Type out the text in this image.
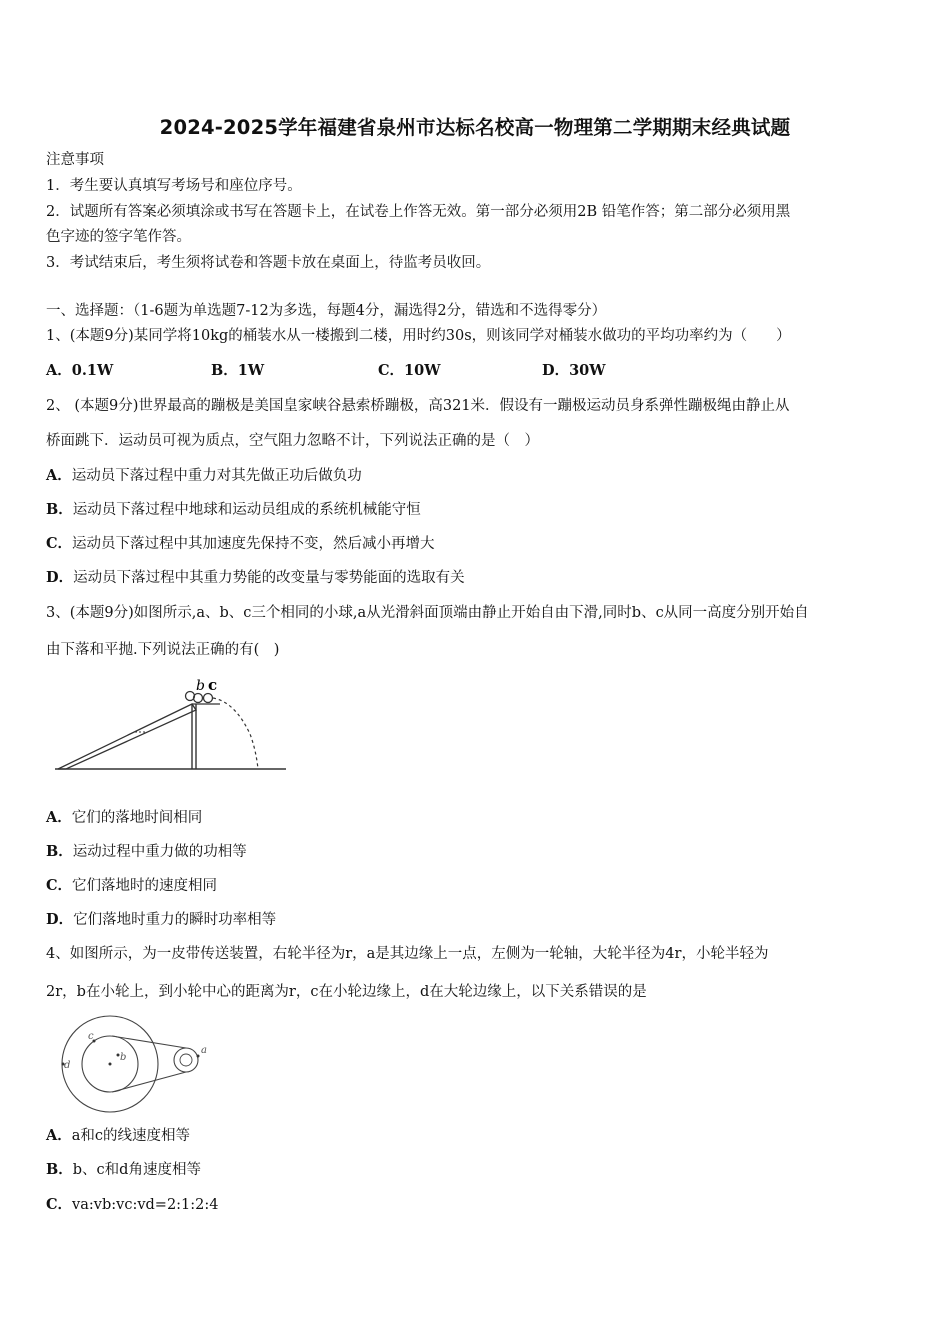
2024-2025学年福建省泉州市达标名校高一物理第二学期期末经典试题
注意事项
1．考生要认真填写考场号和座位序号。
2．试题所有答案必须填涂或书写在答题卡上，在试卷上作答无效。第一部分必须用2B 铅笔作答；第二部分必须用黑
色字迹的签字笔作答。
3．考试结束后，考生须将试卷和答题卡放在桌面上，待监考员收回。
一、选择题：（1-6题为单选题7-12为多选，每题4分，漏选得2分，错选和不选得零分）
1、(本题9分)某同学将10kg的桶装水从一楼搬到二楼，用时约30s，则该同学对桶装水做功的平均功率约为（　　）
A．0.1W	B．1W	C．10W	D．30W
2、 (本题9分)世界最高的蹦极是美国皇家峡谷悬索桥蹦极，高321米．假设有一蹦极运动员身系弹性蹦极绳由静止从
桥面跳下．运动员可视为质点，空气阻力忽略不计，下列说法正确的是（　）
A．运动员下落过程中重力对其先做正功后做负功
B．运动员下落过程中地球和运动员组成的系统机械能守恒
C．运动员下落过程中其加速度先保持不变，然后减小再增大
D．运动员下落过程中其重力势能的改变量与零势能面的选取有关
3、(本题9分)如图所示,a、b、c三个相同的小球,a从光滑斜面顶端由静止开始自由下滑,同时b、c从同一高度分别开始自
由下落和平抛.下列说法正确的有(　)
b c
A．它们的落地时间相同
B．运动过程中重力做的功相等
C．它们落地时的速度相同
D．它们落地时重力的瞬时功率相等
4、如图所示，为一皮带传送装置，右轮半径为r，a是其边缘上一点，左侧为一轮轴，大轮半径为4r，小轮半轻为
2r，b在小轮上，到小轮中心的距离为r，c在小轮边缘上，d在大轮边缘上，以下关系错误的是
c
b
d
a
A．a和c的线速度相等
B．b、c和d角速度相等
C．va:vb:vc:vd=2:1:2:4
